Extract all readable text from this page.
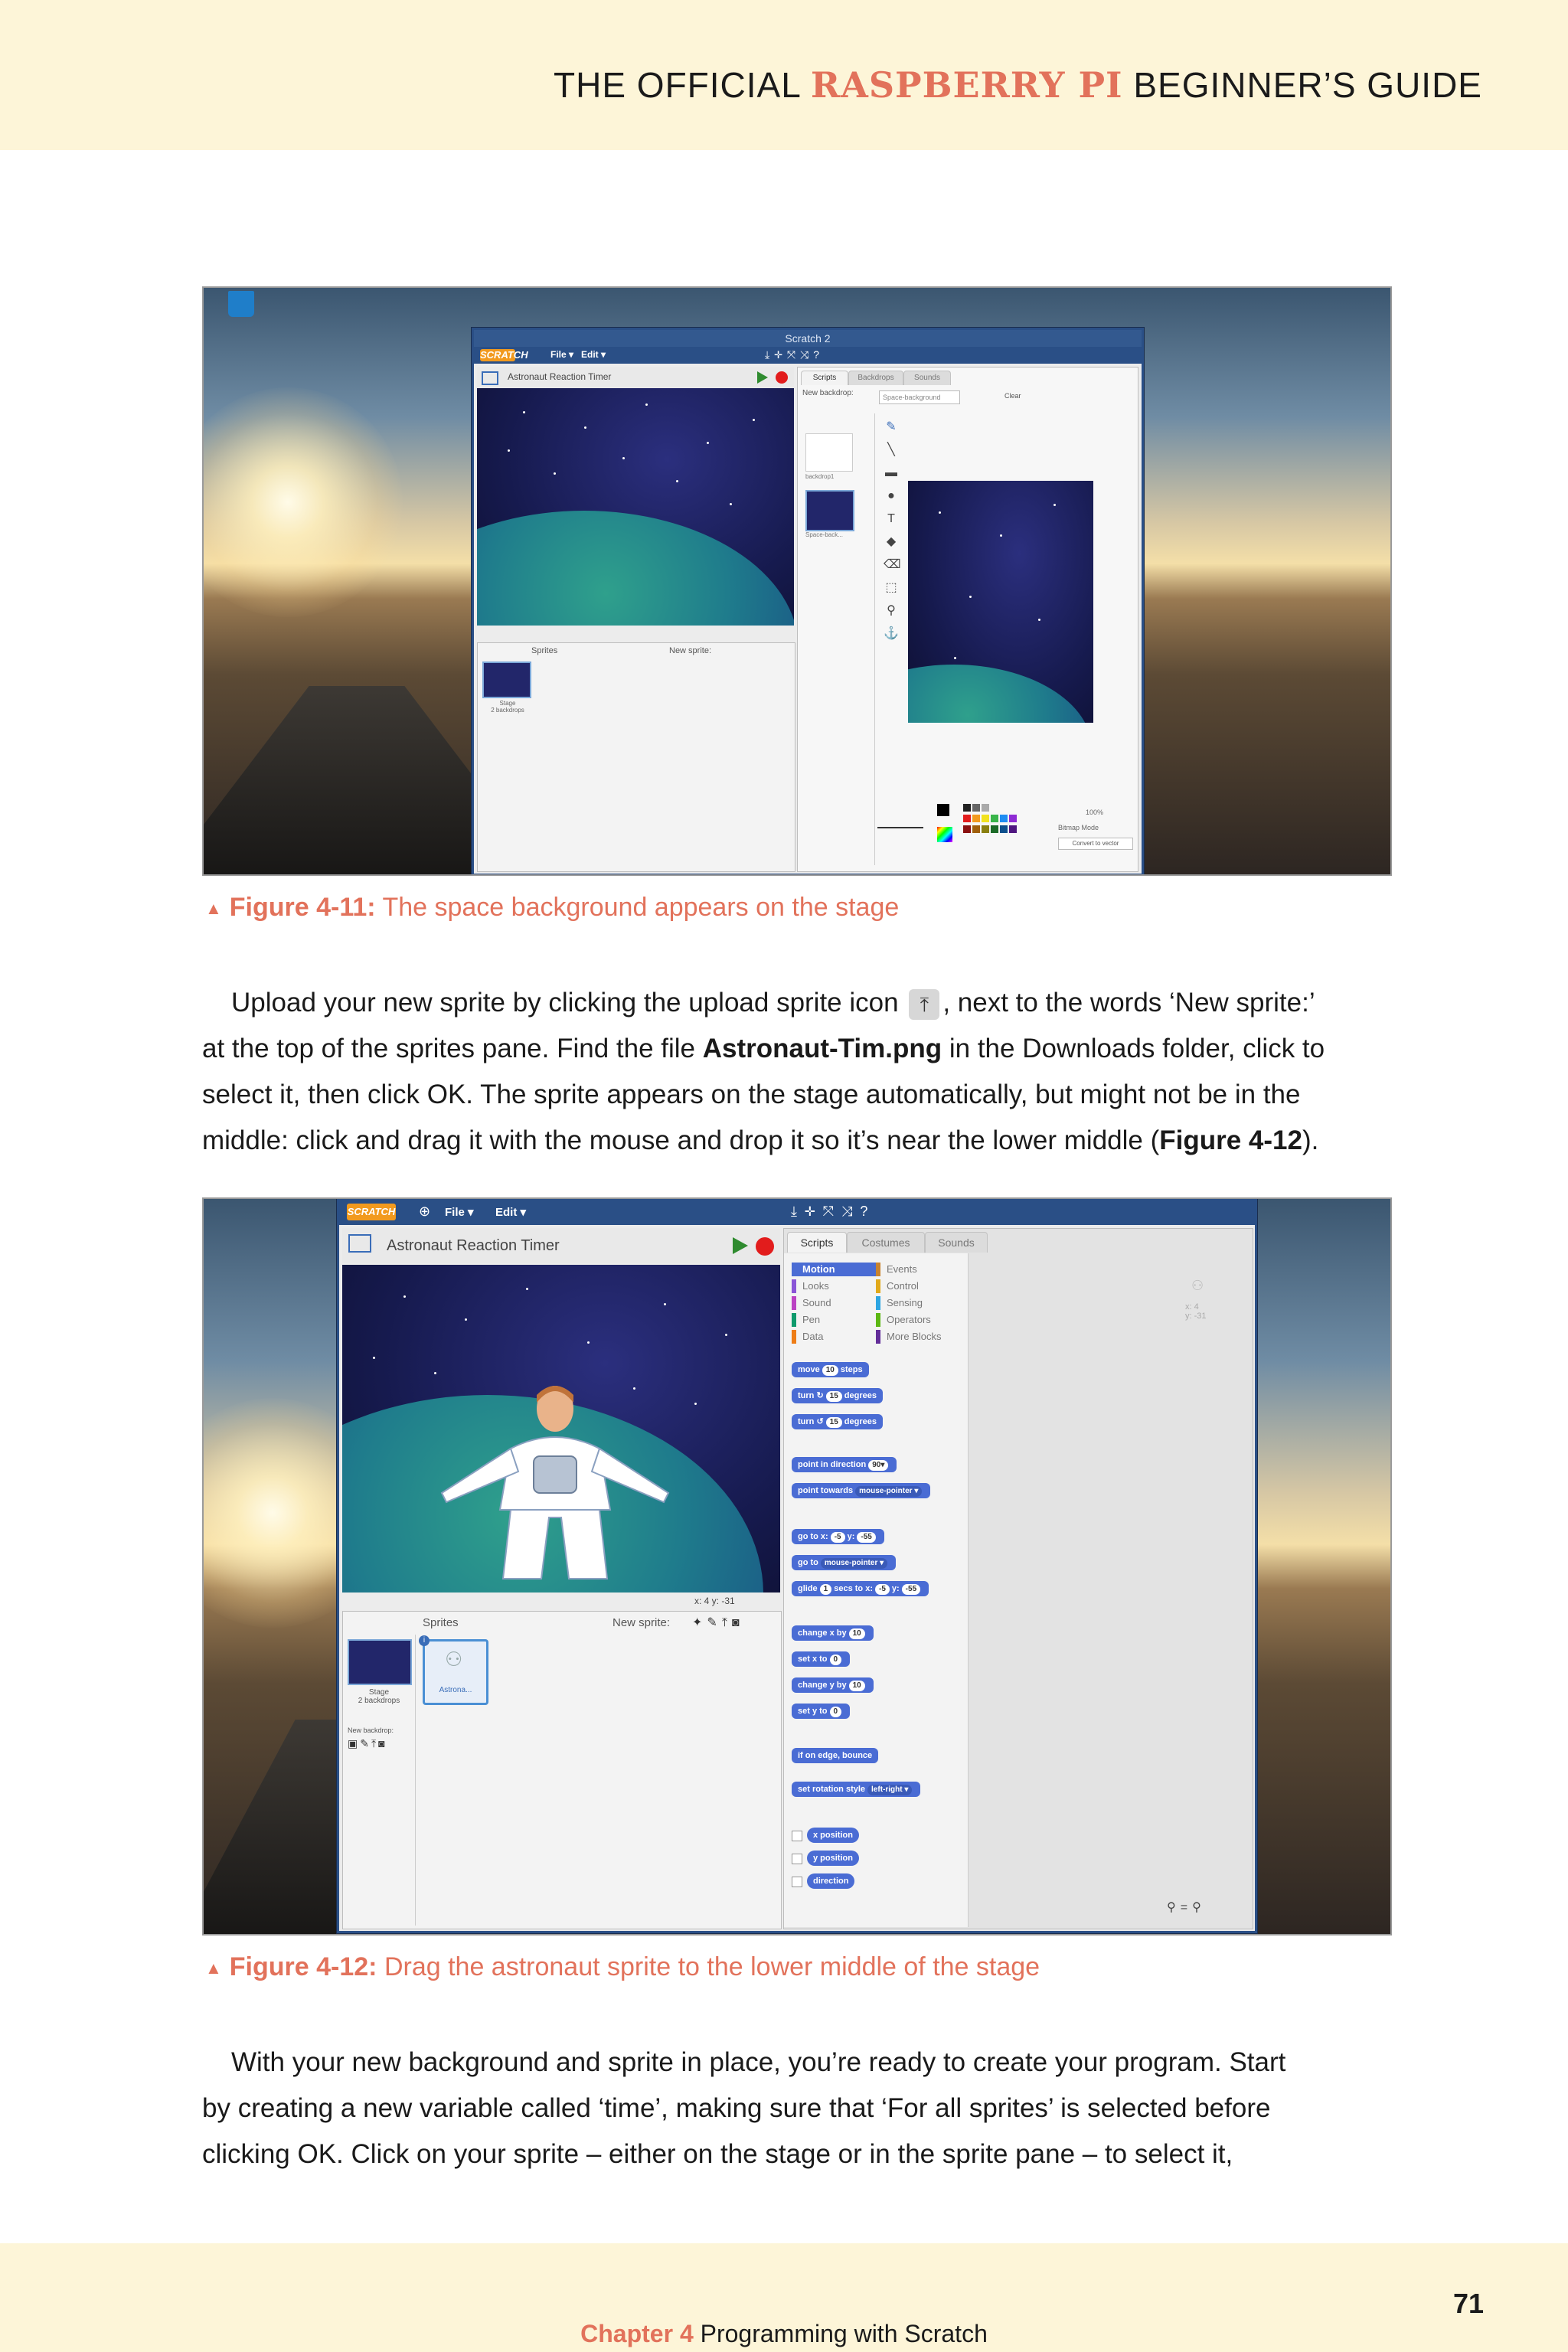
THE OFFICIAL RASPBERRY PI BEGINNER’S GUIDE
Scratch 2
SCRATCH File ▾ Edit ▾	⤓✛⤧⤨?
Astronaut Reaction Timer
Sprites	New sprite:
Stage
2 backdrops
Scripts	Backdrops	Sounds
New backdrop:	Space-background	Clear
backdrop1
Space-back...
✎
╲
▬
●
T
◆
⌫
⬚
⚲
⚓
100%
Bitmap Mode
Convert to vector
▲ Figure 4-11: The space background appears on the stage
Upload your new sprite by clicking the upload sprite icon ⤒ , next to the words ‘New sprite:’
at the top of the sprites pane. Find the file Astronaut-Tim.png in the Downloads folder, click to
select it, then click OK. The sprite appears on the stage automatically, but might not be in the
middle: click and drag it with the mouse and drop it so it’s near the lower middle (Figure 4-12).
SCRATCH ⊕ File ▾ Edit ▾	⤓✛⤧⤨?
Astronaut Reaction Timer
x: 4 y: -31
Sprites	New sprite: ✦✎⤒◙
Stage
2 backdrops
New backdrop:
▣✎⤒◙
i
⚇
Astrona...
Scripts	Costumes	Sounds
Motion
Looks
Sound
Pen
Data
Events
Control
Sensing
Operators
More Blocks
move 10 steps
turn ↻ 15 degrees
turn ↺ 15 degrees
point in direction 90▾
point towards mouse-pointer ▾
go to x: -5 y: -55
go to mouse-pointer ▾
glide 1 secs to x: -5 y: -55
change x by 10
set x to 0
change y by 10
set y to 0
if on edge, bounce
set rotation style left-right ▾
x position
y position
direction
⚇
x: 4
y: -31
⚲=⚲
▲ Figure 4-12: Drag the astronaut sprite to the lower middle of the stage
With your new background and sprite in place, you’re ready to create your program. Start
by creating a new variable called ‘time’, making sure that ‘For all sprites’ is selected before
clicking OK. Click on your sprite – either on the stage or in the sprite pane – to select it,
Chapter 4 Programming with Scratch
71
